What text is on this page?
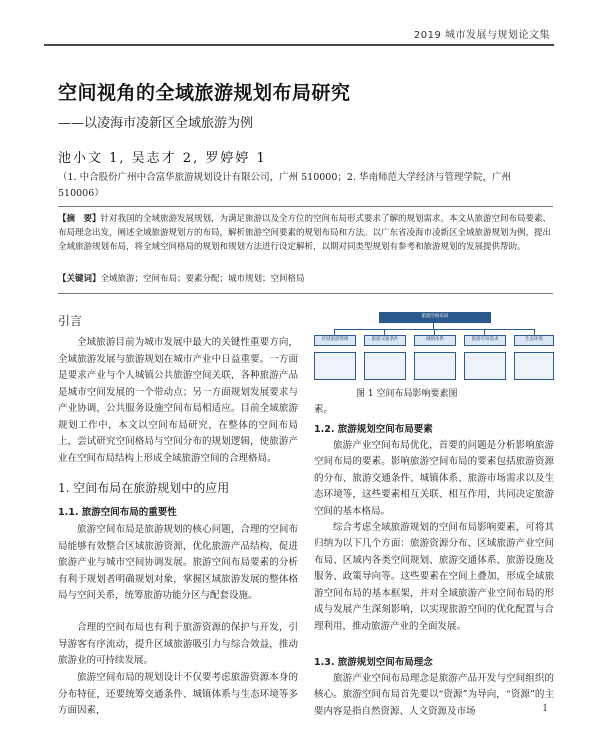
2019 城市发展与规划论文集
空间视角的全域旅游规划布局研究
——以凌海市凌新区全域旅游为例
池小文 1, 吴志才 2, 罗婷婷 1
（1. 中合股份广州中合富华旅游规划设计有限公司，广州 510000；2. 华南师范大学经济与管理学院，广州 510006）
【摘　要】针对我国的全域旅游发展规划，为满足旅游以及全方位的空间布局形式要求了解的规划需求。本文从旅游空间布局要素、布局理念出发，阐述全域旅游规划方的布局，解析旅游空间要素的规划布局和方法。以广东省凌海市凌新区全域旅游规划为例，提出全域旅游规划布局，将全域空间格局的规划和规划方法进行设定解析，以期对同类型规划有参考和旅游规划的发展提供帮助。
【关键词】全域旅游；空间布局；要素分配；城市规划；空间格局
引言
全域旅游目前为城市发展中最大的关键性重要方向，全域旅游发展与旅游规划在城市产业中日益重要。一方面是要求产业与个人城镇公共旅游空间关联，各种旅游产品是城市空间发展的一个带动点；另一方面规划发展要求与产业协调，公共服务设施空间布局相适应。目前全域旅游规划工作中，本文以空间布局研究，在整体的空间布局上，尝试研究空间格局与空间分布的规划逻辑，使旅游产业在空间布局结构上形成全域旅游空间的合理格局。
1. 空间布局在旅游规划中的应用
1.1. 旅游空间布局的重要性
旅游空间布局是旅游规划的核心问题，合理的空间布局能够有效整合区域旅游资源，优化旅游产品结构，促进旅游产业与城市空间协调发展。旅游空间布局要素的分析有利于规划者明确规划对象，掌握区域旅游发展的整体格局与空间关系，统筹旅游功能分区与配套设施。
合理的空间布局也有利于旅游资源的保护与开发，引导游客有序流动，提升区域旅游吸引力与综合效益，推动旅游业的可持续发展。
旅游空间布局的规划设计不仅要考虑旅游资源本身的分布特征，还要统筹交通条件、城镇体系与生态环境等多方面因素，
旅游空间布局
区域旅游资源	旅游交通条件	城镇体系	旅游市场需求	生态环境
图 1 空间布局影响要素图
素。
1.2. 旅游规划空间布局要素
旅游产业空间布局优化，首要的问题是分析影响旅游空间布局的要素。影响旅游空间布局的要素包括旅游资源的分布、旅游交通条件、城镇体系、旅游市场需求以及生态环境等，这些要素相互关联、相互作用，共同决定旅游空间的基本格局。
综合考虑全域旅游规划的空间布局影响要素，可将其归纳为以下几个方面：旅游资源分布、区域旅游产业空间布局、区域内各类空间规划、旅游交通体系、旅游设施及服务、政策导向等。这些要素在空间上叠加，形成全域旅游空间布局的基本框架，并对全域旅游产业空间布局的形成与发展产生深刻影响，以实现旅游空间的优化配置与合理利用，推动旅游产业的全面发展。
1.3. 旅游规划空间布局理念
旅游产业空间布局理念是旅游产品开发与空间组织的核心。旅游空间布局首先要以“资源”为导向，“资源”的主要内容是指自然资源、人文资源及市场	1
